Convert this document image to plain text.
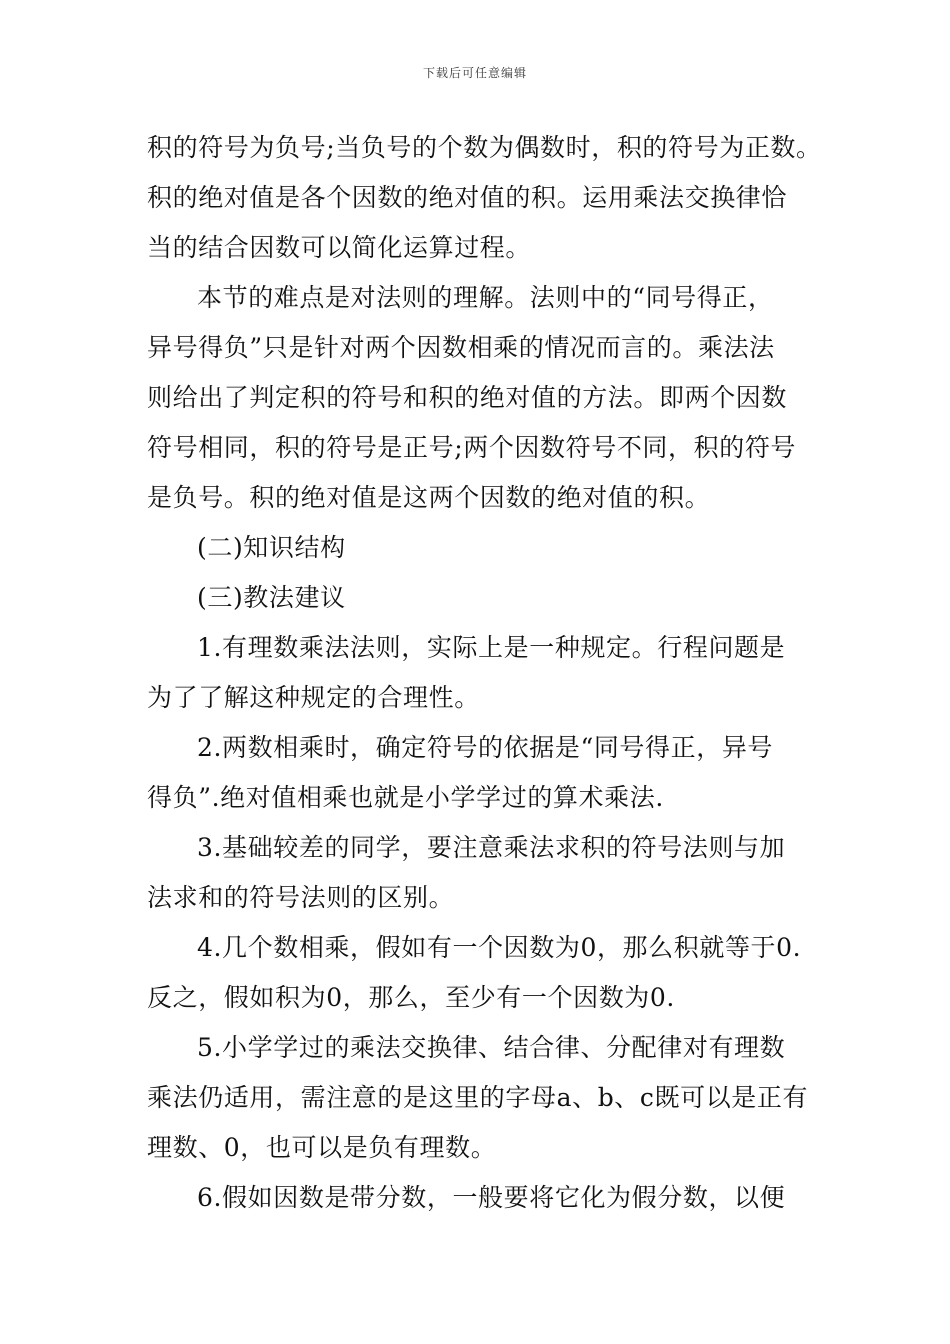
下载后可任意编辑
积的符号为负号;当负号的个数为偶数时，积的符号为正数。
积的绝对值是各个因数的绝对值的积。运用乘法交换律恰
当的结合因数可以简化运算过程。
本节的难点是对法则的理解。法则中的“同号得正，
异号得负”只是针对两个因数相乘的情况而言的。乘法法
则给出了判定积的符号和积的绝对值的方法。即两个因数
符号相同，积的符号是正号;两个因数符号不同，积的符号
是负号。积的绝对值是这两个因数的绝对值的积。
(二)知识结构
(三)教法建议
1.有理数乘法法则，实际上是一种规定。行程问题是
为了了解这种规定的合理性。
2.两数相乘时，确定符号的依据是“同号得正，异号
得负”.绝对值相乘也就是小学学过的算术乘法.
3.基础较差的同学，要注意乘法求积的符号法则与加
法求和的符号法则的区别。
4.几个数相乘，假如有一个因数为0，那么积就等于0.
反之，假如积为0，那么，至少有一个因数为0.
5.小学学过的乘法交换律、结合律、分配律对有理数
乘法仍适用，需注意的是这里的字母a、b、c既可以是正有
理数、0，也可以是负有理数。
6.假如因数是带分数，一般要将它化为假分数，以便
